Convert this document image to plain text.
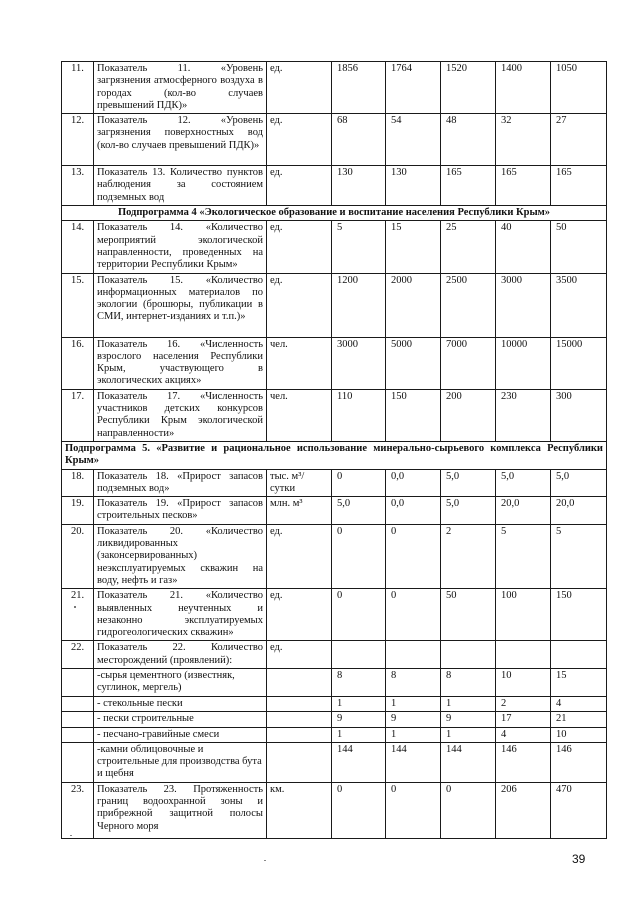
11.	Показатель 11. «Уровень загрязнения атмосферного воздуха в городах (кол-во случаев превышений ПДК)»	ед.	1856	1764	1520	1400	1050
12.	Показатель 12. «Уровень загрязнения поверхностных вод (кол-во случаев превышений ПДК)»	ед.	68	54	48	32	27
13.	Показатель 13. Количество пунктов наблюдения за состоянием подземных вод	ед.	130	130	165	165	165
Подпрограмма 4 «Экологическое образование и воспитание населения Республики Крым»							
14.	Показатель 14. «Количество мероприятий экологической направленности, проведенных на территории Республики Крым»	ед.	5	15	25	40	50
15.	Показатель 15. «Количество информационных материалов по экологии (брошюры, публикации в СМИ, интернет-изданиях и т.п.)»	ед.	1200	2000	2500	3000	3500
16.	Показатель 16. «Численность взрослого населения Республики Крым, участвующего в экологических акциях»	чел.	3000	5000	7000	10000	15000
17.	Показатель 17. «Численность участников детских конкурсов Республики Крым экологической направленности»	чел.	110	150	200	230	300
Подпрограмма 5. «Развитие и рациональное использование минерально-сырьевого комплекса Республики Крым»							
18.	Показатель 18. «Прирост запасов подземных вод»	тыс. м³/сутки	0	0,0	5,0	5,0	5,0
19.	Показатель 19. «Прирост запасов строительных песков»	млн. м³	5,0	0,0	5,0	20,0	20,0
20.	Показатель 20. «Количество ликвидированных (законсервированных) неэксплуатируемых скважин на воду, нефть и газ»	ед.	0	0	2	5	5
21.	Показатель 21. «Количество выявленных неучтенных и незаконно эксплуатируемых гидрогеологических скважин»	ед.	0	0	50	100	150
22.	Показатель 22. Количество месторождений (проявлений):	ед.					
	-сырья цементного (известняк, суглинок, мергель)		8	8	8	10	15
	- стекольные пески		1	1	1	2	4
	- пески строительные		9	9	9	17	21
	- песчано-гравийные смеси		1	1	1	4	10
	-камни облицовочные и строительные для производства бута и щебня		144	144	144	146	146
23.	Показатель 23. Протяженность границ водоохранной зоны и прибрежной защитной полосы Черного моря	км.	0	0	0	206	470
39
